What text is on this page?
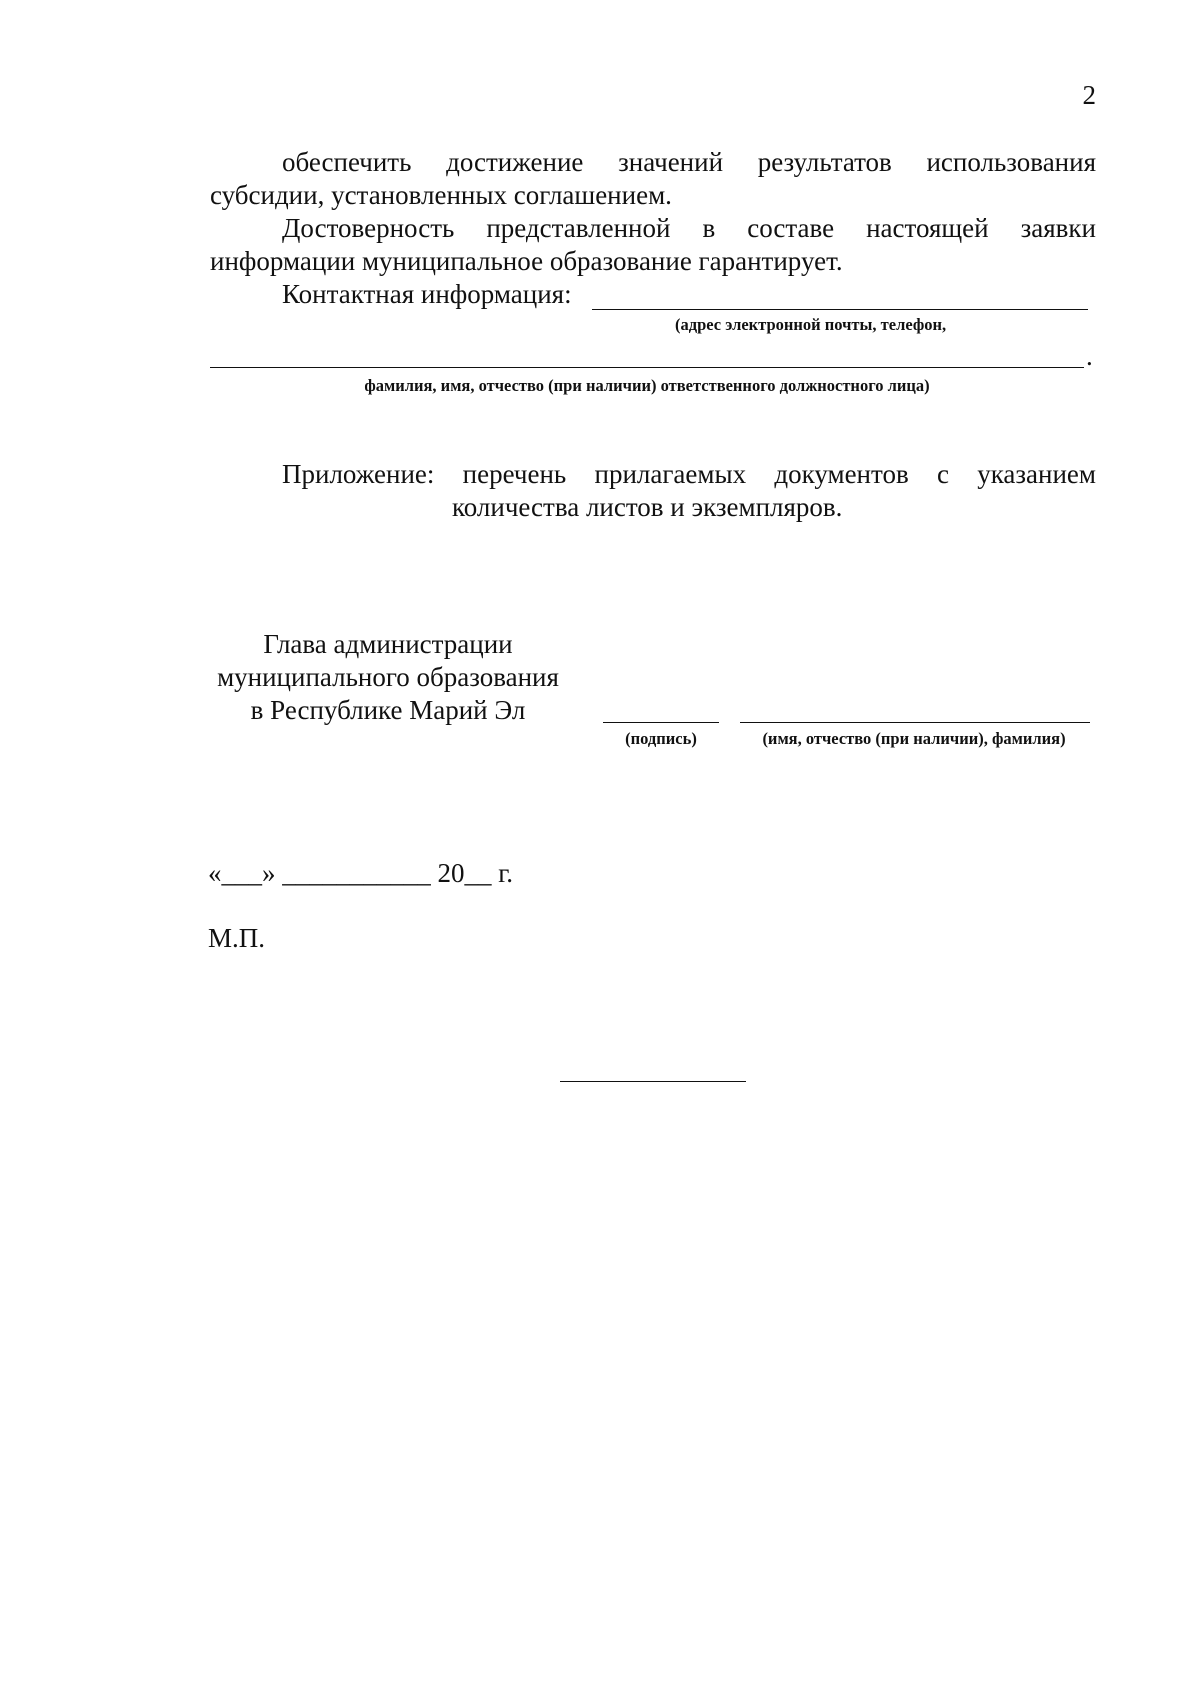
2
обеспечить достижение значений результатов использования
субсидии, установленных соглашением.
Достоверность представленной в составе настоящей заявки
информации муниципальное образование гарантирует.
Контактная информация:
(адрес электронной почты, телефон,
.
фамилия, имя, отчество (при наличии) ответственного должностного лица)
Приложение: перечень прилагаемых документов с указанием
количества листов и экземпляров.
Глава администрации
муниципального образования
в Республике Марий Эл
(подпись)	(имя, отчество (при наличии), фамилия)
«___» ___________ 20__ г.
М.П.
